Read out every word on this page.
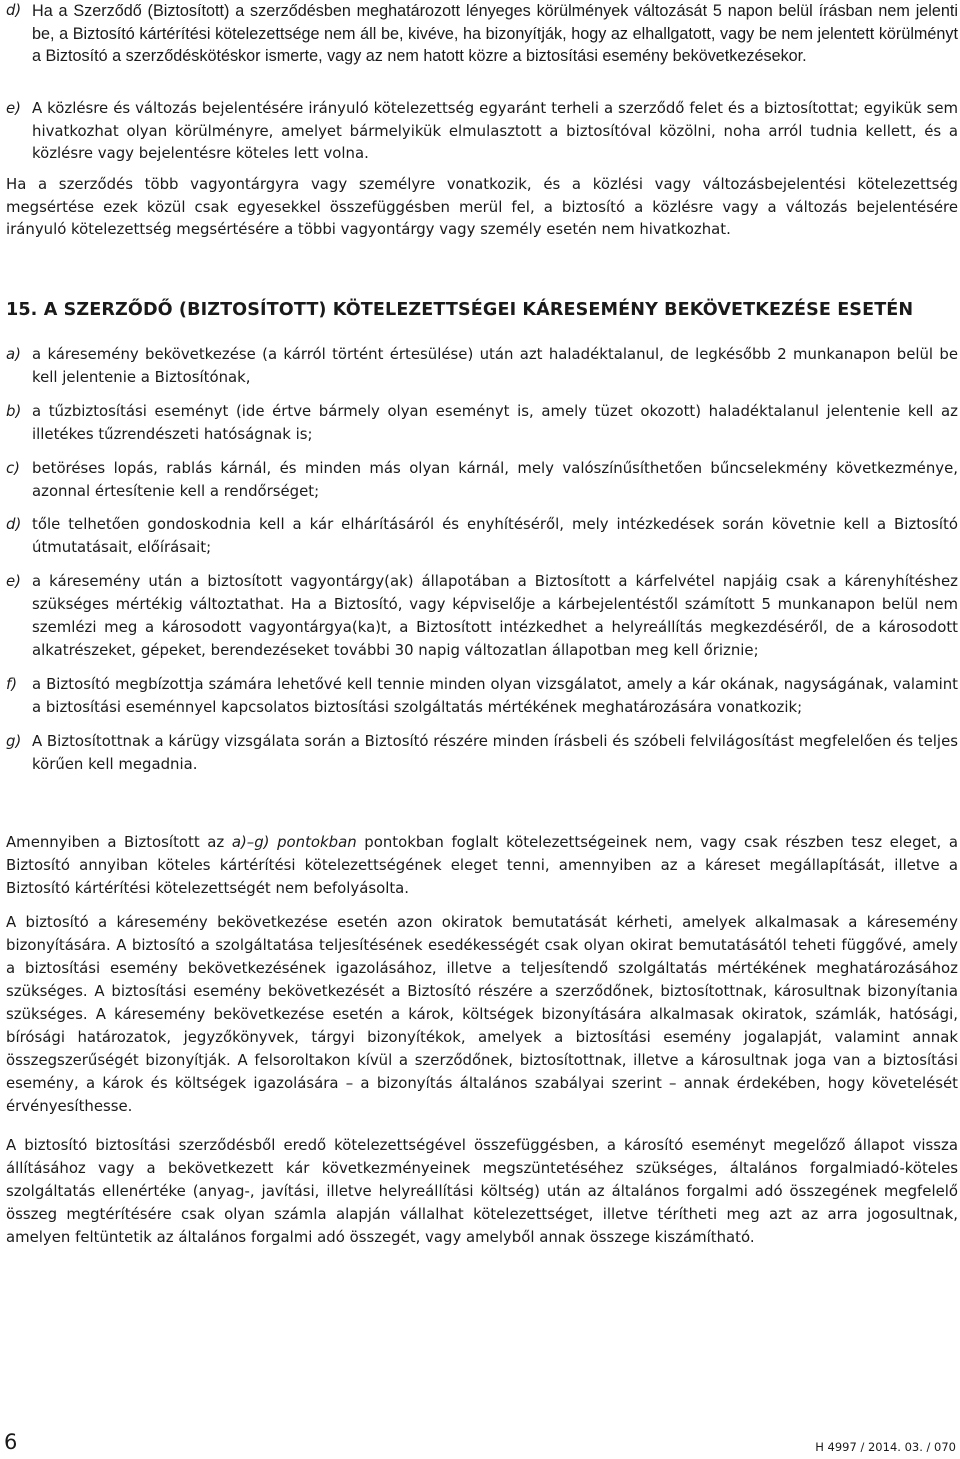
d) Ha a Szerződő (Biztosított) a szerződésben meghatározott lényeges körülmények változását 5 napon belül írásban nem jelenti be, a Biztosító kártérítési kötelezettsége nem áll be, kivéve, ha bizonyítják, hogy az elhallgatott, vagy be nem jelentett körülményt a Biztosító a szerződéskötéskor ismerte, vagy az nem hatott közre a biztosítási esemény bekövetkezésekor.
e) A közlésre és változás bejelentésére irányuló kötelezettség egyaránt terheli a szerződő felet és a biztosítottat; egyikük sem hivatkozhat olyan körülményre, amelyet bármelyikük elmulasztott a biztosítóval közölni, noha arról tudnia kellett, és a közlésre vagy bejelentésre köteles lett volna.
Ha a szerződés több vagyontárgyra vagy személyre vonatkozik, és a közlési vagy változásbejelentési kötelezettség megsértése ezek közül csak egyesekkel összefüggésben merül fel, a biztosító a közlésre vagy a változás bejelentésére irányuló kötelezettség megsértésére a többi vagyontárgy vagy személy esetén nem hivatkozhat.
15. A SZERZŐDŐ (BIZTOSÍTOTT) KÖTELEZETTSÉGEI KÁRESEMÉNY BEKÖVETKEZÉSE ESETÉN
a) a káresemény bekövetkezése (a kárról történt értesülése) után azt haladéktalanul, de legkésőbb 2 munkanapon belül be kell jelentenie a Biztosítónak,
b) a tűzbiztosítási eseményt (ide értve bármely olyan eseményt is, amely tüzet okozott) haladéktalanul jelentenie kell az illetékes tűzrendészeti hatóságnak is;
c) betöréses lopás, rablás kárnál, és minden más olyan kárnál, mely valószínűsíthetően bűncselekmény következménye, azonnal értesítenie kell a rendőrséget;
d) tőle telhetően gondoskodnia kell a kár elhárításáról és enyhítéséről, mely intézkedések során követnie kell a Biztosító útmutatásait, előírásait;
e) a káresemény után a biztosított vagyontárgy(ak) állapotában a Biztosított a kárfelvétel napjáig csak a kárenyhítéshez szükséges mértékig változtathat. Ha a Biztosító, vagy képviselője a kárbejelentéstől számított 5 munkanapon belül nem szemlézi meg a károsodott vagyontárgya(ka)t, a Biztosított intézkedhet a helyreállítás megkezdéséről, de a károsodott alkatrészeket, gépeket, berendezéseket további 30 napig változatlan állapotban meg kell őriznie;
f)	a Biztosító megbízottja számára lehetővé kell tennie minden olyan vizsgálatot, amely a kár okának, nagyságának, valamint a biztosítási eseménnyel kapcsolatos biztosítási szolgáltatás mértékének meghatározására vonatkozik;
g) A Biztosítottnak a kárügy vizsgálata során a Biztosító részére minden írásbeli és szóbeli felvilágosítást megfelelően és teljes körűen kell megadnia.
Amennyiben a Biztosított az a)–g) pontokban pontokban foglalt kötelezettségeinek nem, vagy csak részben tesz eleget, a Biztosító annyiban köteles kártérítési kötelezettségének eleget tenni, amennyiben az a káreset megállapítását, illetve a Biztosító kártérítési kötelezettségét nem befolyásolta.
A biztosító a káresemény bekövetkezése esetén azon okiratok bemutatását kérheti, amelyek alkalmasak a káresemény bizonyítására. A biztosító a szolgáltatása teljesítésének esedékességét csak olyan okirat bemutatásától teheti függővé, amely a biztosítási esemény bekövetkezésének igazolásához, illetve a teljesítendő szolgáltatás mértékének meghatározásához szükséges. A biztosítási esemény bekövetkezését a Biztosító részére a szerződőnek, biztosítottnak, károsultnak bizonyítania szükséges. A káresemény bekövetkezése esetén a károk, költségek bizonyítására alkalmasak okiratok, számlák, hatósági, bírósági határozatok, jegyzőkönyvek, tárgyi bizonyítékok, amelyek a biztosítási esemény jogalapját, valamint annak összegszerűségét bizonyítják. A felsoroltakon kívül a szerződőnek, biztosítottnak, illetve a károsultnak joga van a biztosítási esemény, a károk és költségek igazolására – a bizonyítás általános szabályai szerint – annak érdekében, hogy követelését érvényesíthesse.
A biztosító biztosítási szerződésből eredő kötelezettségével összefüggésben, a károsító eseményt megelőző állapot vissza állításához vagy a bekövetkezett kár következményeinek megszüntetéséhez szükséges, általános forgalmiadó-köteles szolgáltatás ellenértéke (anyag-, javítási, illetve helyreállítási költség) után az általános forgalmi adó összegének megfelelő összeg megtérítésére csak olyan számla alapján vállalhat kötelezettséget, illetve térítheti meg azt az arra jogosultnak, amelyen feltüntetik az általános forgalmi adó összegét, vagy amelyből annak összege kiszámítható.
6	H 4997 / 2014. 03. / 070
